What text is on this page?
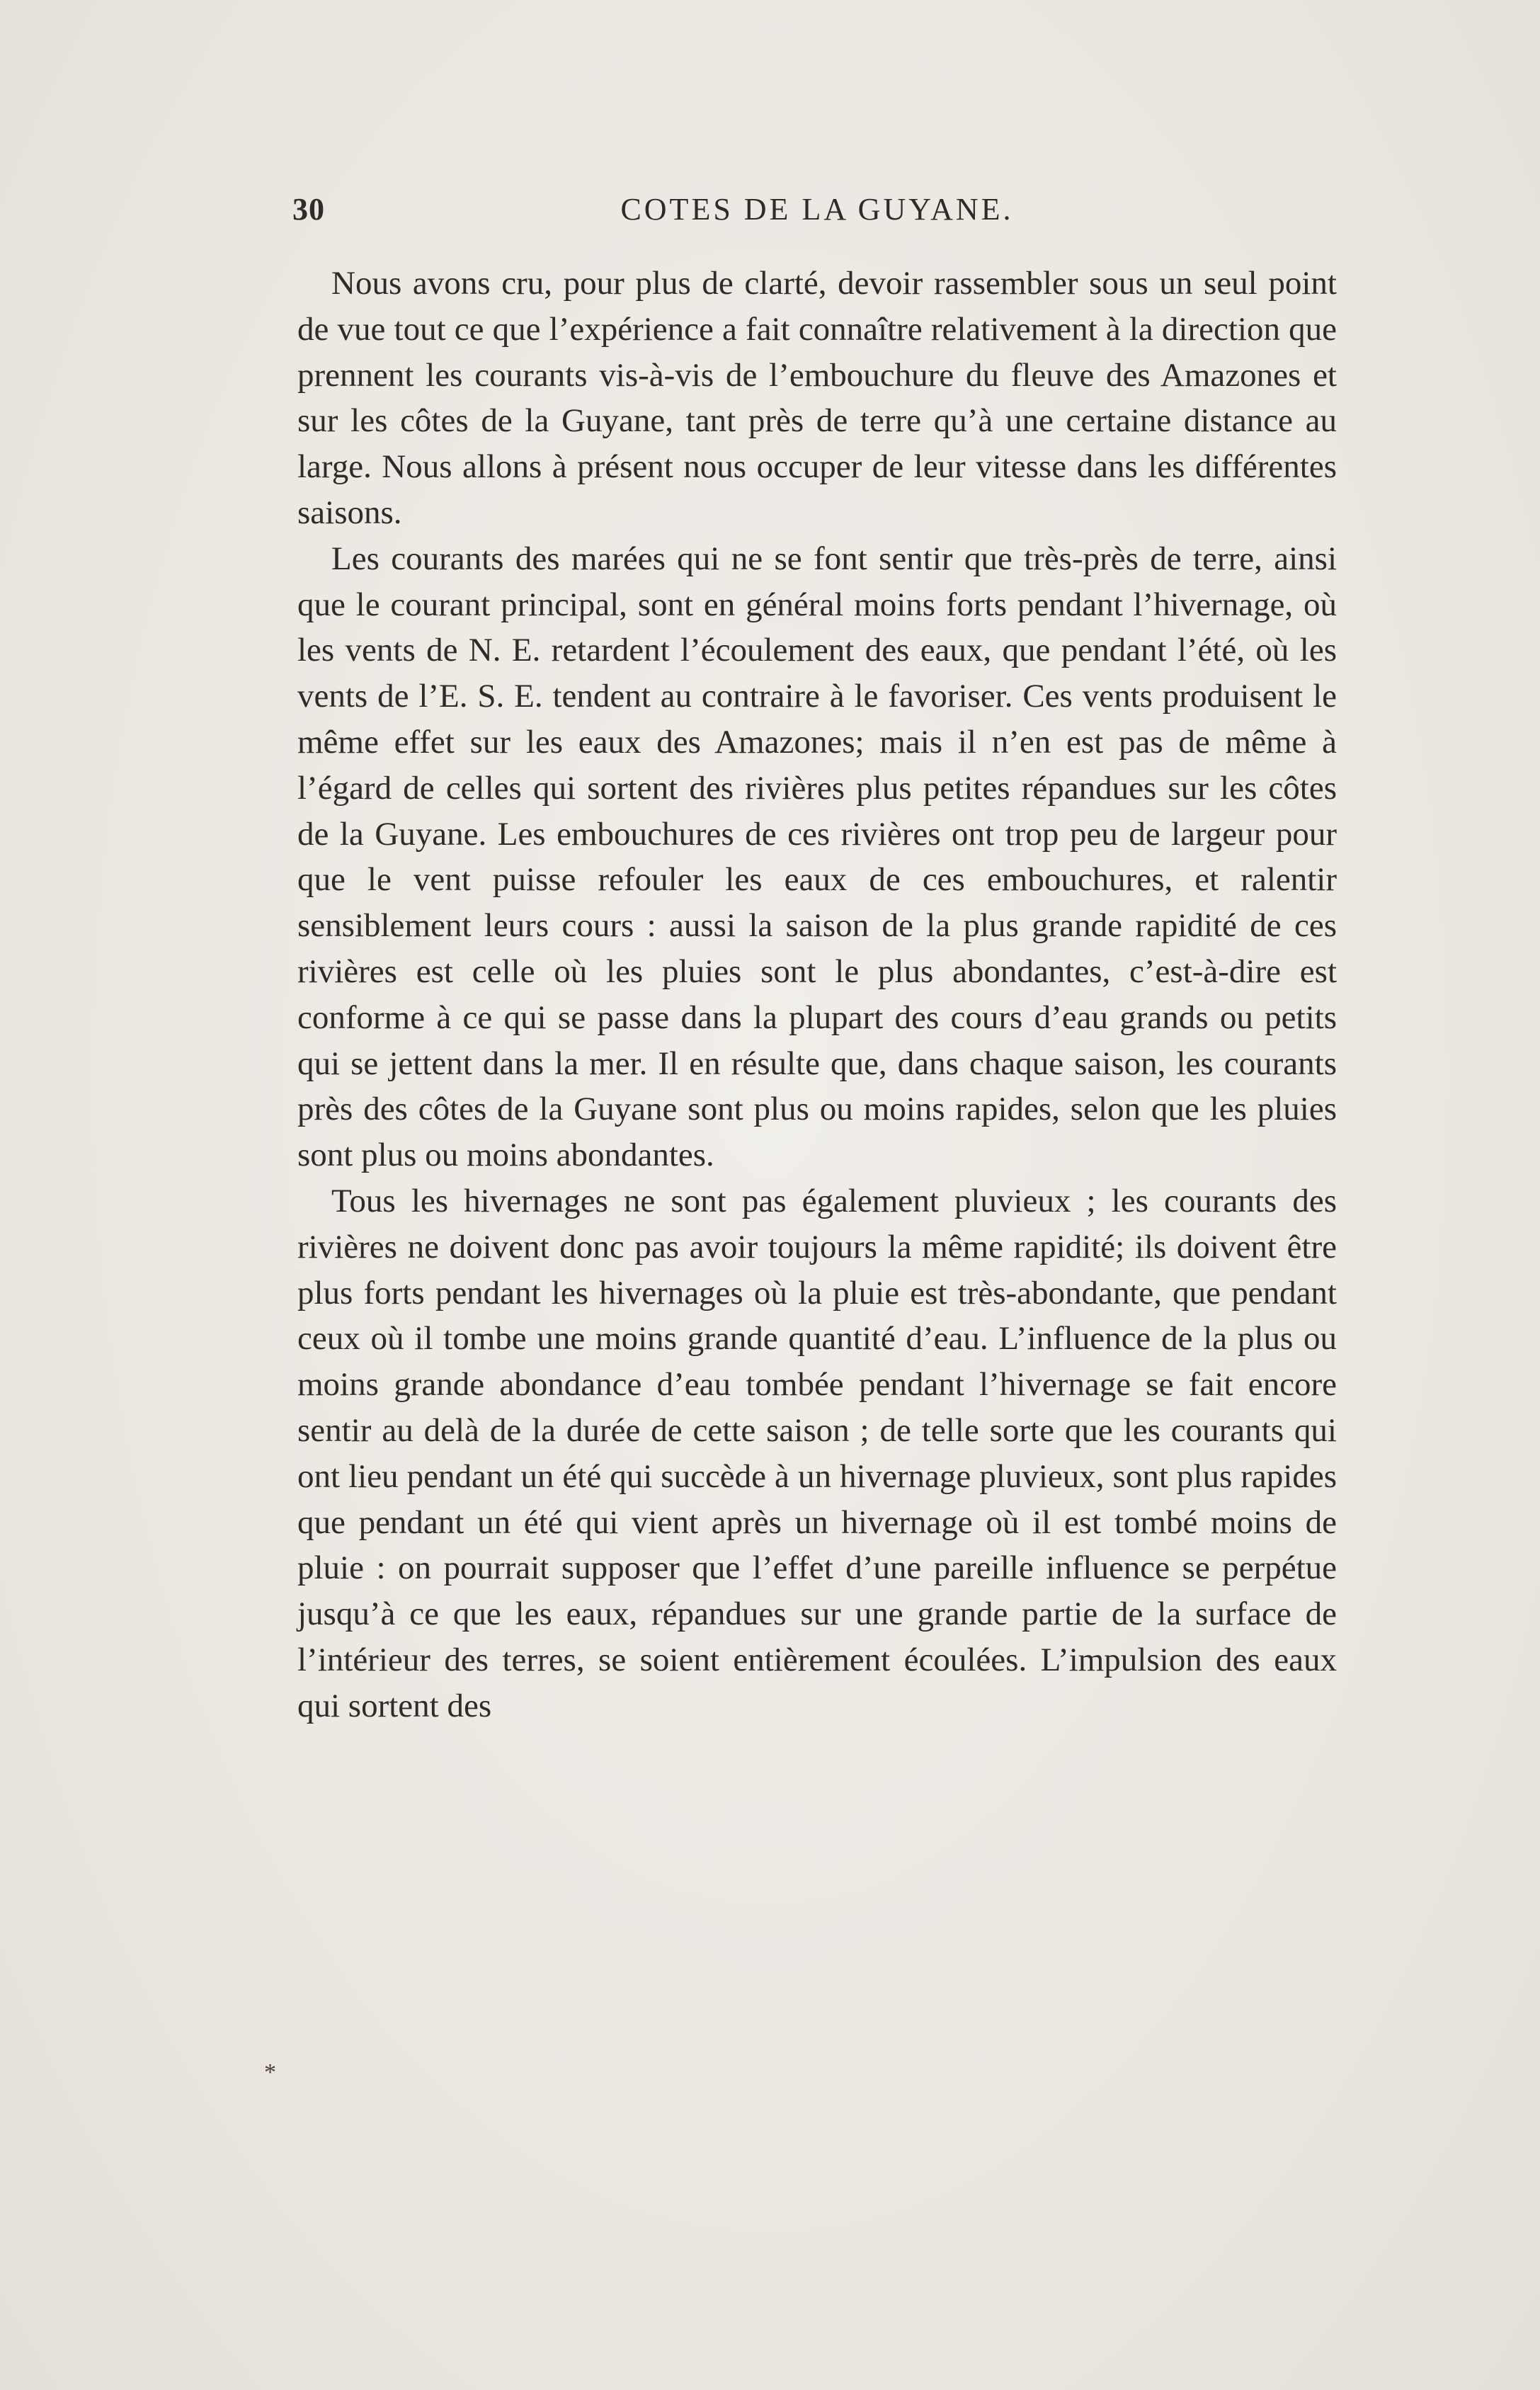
30	COTES DE LA GUYANE.

Nous avons cru, pour plus de clarté, devoir rassembler sous un seul point de vue tout ce que l’expérience a fait connaître relativement à la direction que prennent les courants vis-à-vis de l’embouchure du fleuve des Amazones et sur les côtes de la Guyane, tant près de terre qu’à une certaine distance au large. Nous allons à présent nous occuper de leur vitesse dans les différentes saisons.

Les courants des marées qui ne se font sentir que très-près de terre, ainsi que le courant principal, sont en général moins forts pendant l’hivernage, où les vents de N. E. retardent l’écoulement des eaux, que pendant l’été, où les vents de l’E. S. E. tendent au contraire à le favoriser. Ces vents produisent le même effet sur les eaux des Amazones; mais il n’en est pas de même à l’égard de celles qui sortent des rivières plus petites répandues sur les côtes de la Guyane. Les embouchures de ces rivières ont trop peu de largeur pour que le vent puisse refouler les eaux de ces embouchures, et ralentir sensiblement leurs cours : aussi la saison de la plus grande rapidité de ces rivières est celle où les pluies sont le plus abondantes, c’est-à-dire est conforme à ce qui se passe dans la plupart des cours d’eau grands ou petits qui se jettent dans la mer. Il en résulte que, dans chaque saison, les courants près des côtes de la Guyane sont plus ou moins rapides, selon que les pluies sont plus ou moins abondantes.

Tous les hivernages ne sont pas également pluvieux ; les courants des rivières ne doivent donc pas avoir toujours la même rapidité; ils doivent être plus forts pendant les hivernages où la pluie est très-abondante, que pendant ceux où il tombe une moins grande quantité d’eau. L’influence de la plus ou moins grande abondance d’eau tombée pendant l’hivernage se fait encore sentir au delà de la durée de cette saison ; de telle sorte que les courants qui ont lieu pendant un été qui succède à un hivernage pluvieux, sont plus rapides que pendant un été qui vient après un hivernage où il est tombé moins de pluie : on pourrait supposer que l’effet d’une pareille influence se perpétue jusqu’à ce que les eaux, répandues sur une grande partie de la surface de l’intérieur des terres, se soient entièrement écoulées. L’impulsion des eaux qui sortent des

*
